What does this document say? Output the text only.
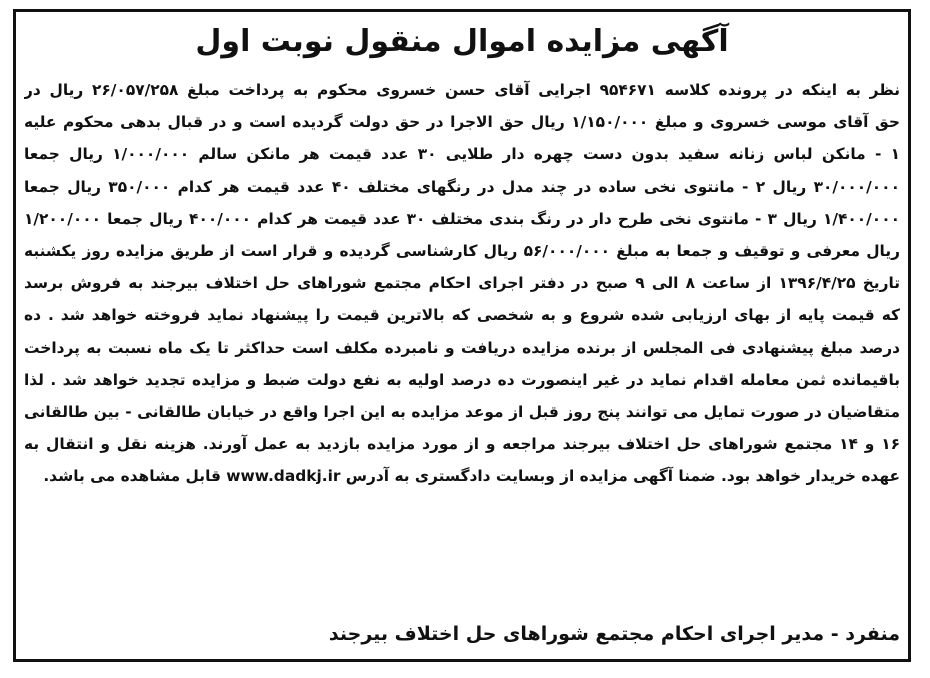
آگهی مزایده اموال منقول نوبت اول
نظر به اینکه در پرونده کلاسه ۹۵۴۶۷۱ اجرایی آقای حسن خسروی محکوم به پرداخت مبلغ ۲۶/۰۵۷/۲۵۸ ریال در
حق آقای موسی خسروی و مبلغ ۱/۱۵۰/۰۰۰ ریال حق الاجرا در حق دولت گردیده است و در قبال بدهی محکوم علیه
۱ - مانکن لباس زنانه سفید بدون دست چهره دار طلایی ۳۰ عدد قیمت هر مانکن سالم ۱/۰۰۰/۰۰۰ ریال جمعا
۳۰/۰۰۰/۰۰۰ ریال ۲ - مانتوی نخی ساده در چند مدل در رنگهای مختلف ۴۰ عدد قیمت هر کدام ۳۵۰/۰۰۰ ریال جمعا
۱/۴۰۰/۰۰۰ ریال ۳ - مانتوی نخی طرح دار در رنگ بندی مختلف ۳۰ عدد قیمت هر کدام ۴۰۰/۰۰۰ ریال جمعا ۱/۲۰۰/۰۰۰
ریال معرفی و توقیف و جمعا به مبلغ ۵۶/۰۰۰/۰۰۰ ریال کارشناسی گردیده و قرار است از طریق مزایده روز یکشنبه
تاریخ ۱۳۹۶/۴/۲۵ از ساعت ۸ الی ۹ صبح در دفتر اجرای احکام مجتمع شوراهای حل اختلاف بیرجند به فروش برسد
که قیمت پایه از بهای ارزیابی شده شروع و به شخصی که بالاترین قیمت را پیشنهاد نماید فروخته خواهد شد . ده
درصد مبلغ پیشنهادی فی المجلس از برنده مزایده دریافت و نامبرده مکلف است حداکثر تا یک ماه نسبت به پرداخت
باقیمانده ثمن معامله اقدام نماید در غیر اینصورت ده درصد اولیه به نفع دولت ضبط و مزایده تجدید خواهد شد . لذا
متقاضیان در صورت تمایل می توانند پنج روز قبل از موعد مزایده به این اجرا واقع در خیابان طالقانی - بین طالقانی
۱۶ و ۱۴ مجتمع شوراهای حل اختلاف بیرجند مراجعه و از مورد مزایده بازدید به عمل آورند. هزینه نقل و انتقال به
عهده خریدار خواهد بود. ضمنا آگهی مزایده از وبسایت دادگستری به آدرس www.dadkj.ir قابل مشاهده می باشد.
منفرد - مدیر اجرای احکام مجتمع شوراهای حل اختلاف بیرجند
